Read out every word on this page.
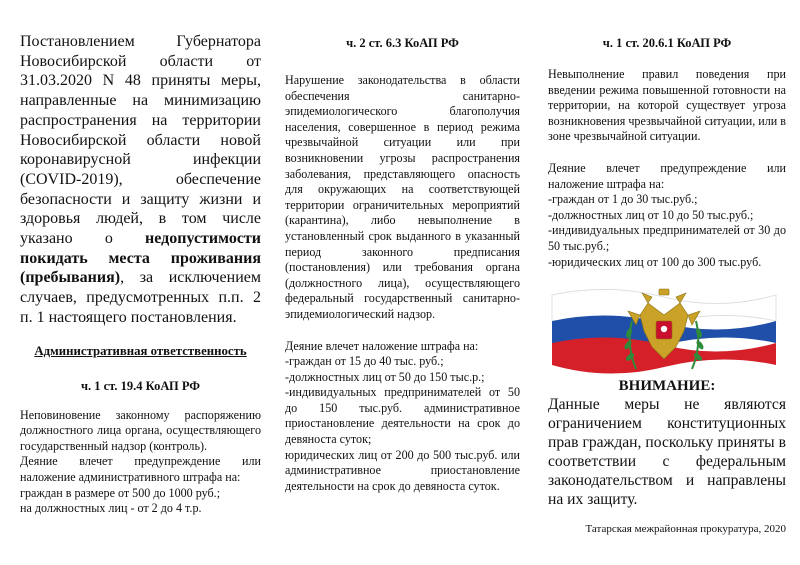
Постановлением Губернатора Новосибирской области от 31.03.2020 N 48 приняты меры, направленные на минимизацию распространения на территории Новосибирской области новой коронавирусной инфекции (COVID-2019), обеспечение безопасности и защиту жизни и здоровья людей, в том числе указано о недопустимости покидать места проживания (пребывания), за исключением случаев, предусмотренных п.п. 2 п. 1 настоящего постановления.

Административная ответственность

ч. 1 ст. 19.4 КоАП РФ

Неповиновение законному распоряжению должностного лица органа, осуществляющего государственный надзор (контроль).

Деяние влечет предупреждение или наложение административного штрафа на:

граждан в размере от 500 до 1000 руб.;
на должностных лиц - от 2 до 4 т.р.

ч. 2 ст. 6.3 КоАП РФ

Нарушение законодательства в области обеспечения санитарно-эпидемиологического благополучия населения, совершенное в период режима чрезвычайной ситуации или при возникновении угрозы распространения заболевания, представляющего опасность для окружающих на соответствующей территории ограничительных мероприятий (карантина), либо невыполнение в установленный срок выданного в указанный период законного предписания (постановления) или требования органа (должностного лица), осуществляющего федеральный государственный санитарно-эпидемиологический надзор.

Деяние влечет наложение штрафа на:

-граждан от 15 до 40 тыс. руб.;
-должностных лиц от 50 до 150 тыс.р.;

-индивидуальных предпринимателей от 50 до 150 тыс.руб. административное приостановление деятельности на срок до девяноста суток;

юридических лиц от 200 до 500 тыс.руб. или административное приостановление деятельности на срок до девяноста суток.

ч. 1 ст. 20.6.1 КоАП РФ

Невыполнение правил поведения при введении режима повышенной готовности на территории, на которой существует угроза возникновения чрезвычайной ситуации, или в зоне чрезвычайной ситуации.

Деяние влечет предупреждение или наложение штрафа на:

-граждан от 1 до 30 тыс.руб.;
-должностных лиц от 10 до 50 тыс.руб.;

-индивидуальных предпринимателей от 30 до 50 тыс.руб.;

-юридических лиц от 100 до 300 тыс.руб.

ВНИМАНИЕ:

Данные меры не являются ограничением конституционных прав граждан, поскольку приняты в соответствии с федеральным законодательством и направлены на их защиту.

Татарская межрайонная прокуратура, 2020
